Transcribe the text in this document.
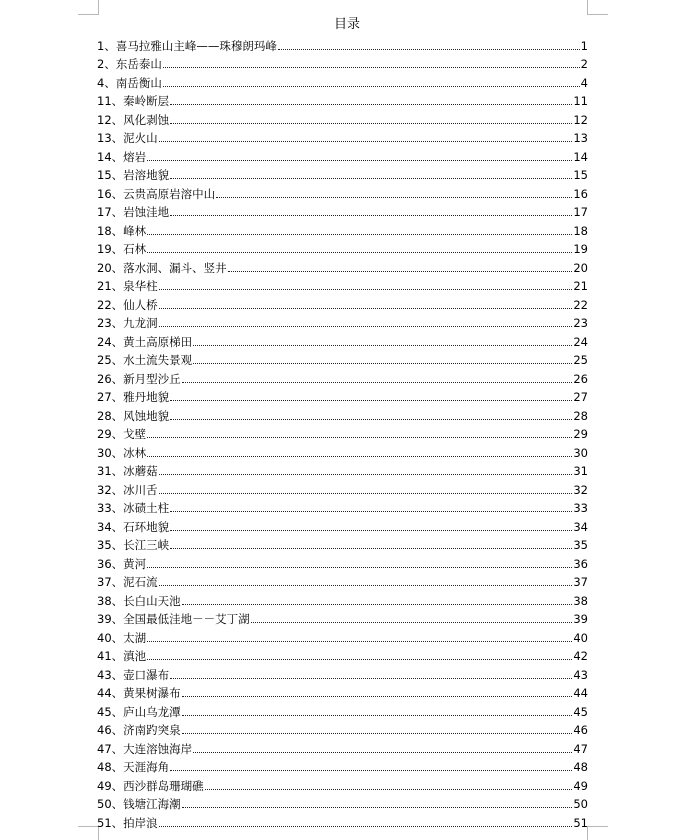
目录
1、喜马拉雅山主峰——珠穆朗玛峰	1
2、东岳泰山	2
4、南岳衡山	4
11、秦岭断层	11
12、风化剥蚀	12
13、泥火山	13
14、熔岩	14
15、岩溶地貌	15
16、云贵高原岩溶中山	16
17、岩蚀洼地	17
18、峰林	18
19、石林	19
20、落水洞、漏斗、竖井	20
21、泉华柱	21
22、仙人桥	22
23、九龙洞	23
24、黄土高原梯田	24
25、水土流失景观	25
26、新月型沙丘	26
27、雅丹地貌	27
28、风蚀地貌	28
29、戈壁	29
30、冰林	30
31、冰蘑菇	31
32、冰川舌	32
33、冰碛土柱	33
34、石环地貌	34
35、长江三峡	35
36、黄河	36
37、泥石流	37
38、长白山天池	38
39、全国最低洼地－－艾丁湖	39
40、太湖	40
41、滇池	42
43、壶口瀑布	43
44、黄果树瀑布	44
45、庐山乌龙潭	45
46、济南趵突泉	46
47、大连溶蚀海岸	47
48、天涯海角	48
49、西沙群岛珊瑚礁	49
50、钱塘江海潮	50
51、拍岸浪	51
